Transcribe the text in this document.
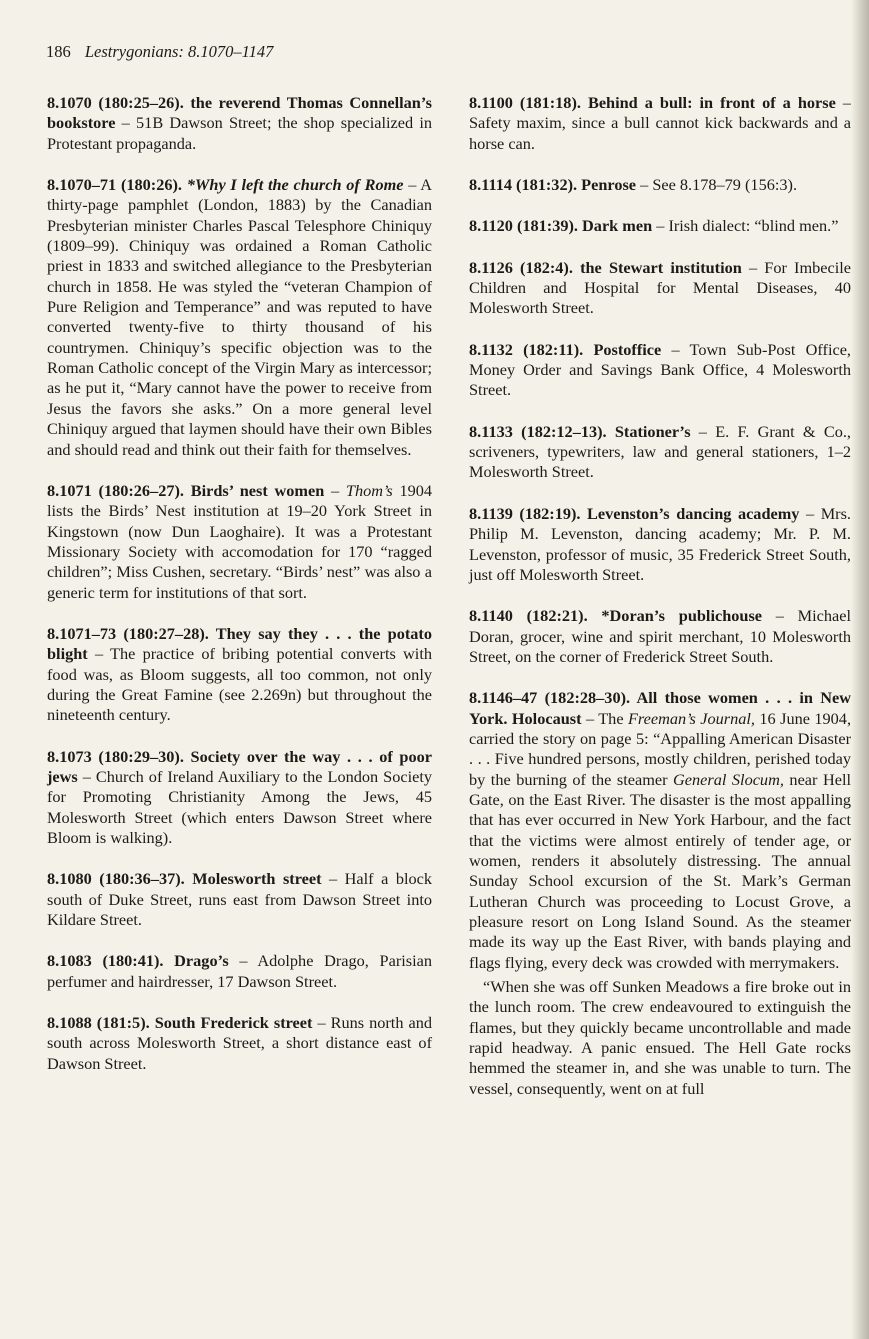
186 Lestrygonians: 8.1070–1147

8.1070 (180:25–26). the reverend Thomas Connellan’s bookstore – 51B Dawson Street; the shop specialized in Protestant propaganda.

8.1070–71 (180:26). *Why I left the church of Rome – A thirty-page pamphlet (London, 1883) by the Canadian Presbyterian minister Charles Pascal Telesphore Chiniquy (1809–99). Chiniquy was ordained a Roman Catholic priest in 1833 and switched allegiance to the Presbyterian church in 1858. He was styled the “veteran Champion of Pure Religion and Temperance” and was reputed to have converted twenty-five to thirty thousand of his countrymen. Chiniquy’s specific objection was to the Roman Catholic concept of the Virgin Mary as intercessor; as he put it, “Mary cannot have the power to receive from Jesus the favors she asks.” On a more general level Chiniquy argued that laymen should have their own Bibles and should read and think out their faith for themselves.

8.1071 (180:26–27). Birds’ nest women – Thom’s 1904 lists the Birds’ Nest institution at 19–20 York Street in Kingstown (now Dun Laoghaire). It was a Protestant Missionary Society with accomodation for 170 “ragged children”; Miss Cushen, secretary. “Birds’ nest” was also a generic term for institutions of that sort.

8.1071–73 (180:27–28). They say they . . . the potato blight – The practice of bribing potential converts with food was, as Bloom suggests, all too common, not only during the Great Famine (see 2.269n) but throughout the nineteenth century.

8.1073 (180:29–30). Society over the way . . . of poor jews – Church of Ireland Auxiliary to the London Society for Promoting Christianity Among the Jews, 45 Molesworth Street (which enters Dawson Street where Bloom is walking).

8.1080 (180:36–37). Molesworth street – Half a block south of Duke Street, runs east from Dawson Street into Kildare Street.

8.1083 (180:41). Drago’s – Adolphe Drago, Parisian perfumer and hairdresser, 17 Dawson Street.

8.1088 (181:5). South Frederick street – Runs north and south across Molesworth Street, a short distance east of Dawson Street.

8.1100 (181:18). Behind a bull: in front of a horse – Safety maxim, since a bull cannot kick backwards and a horse can.

8.1114 (181:32). Penrose – See 8.178–79 (156:3).

8.1120 (181:39). Dark men – Irish dialect: “blind men.”

8.1126 (182:4). the Stewart institution – For Imbecile Children and Hospital for Mental Diseases, 40 Molesworth Street.

8.1132 (182:11). Postoffice – Town Sub-Post Office, Money Order and Savings Bank Office, 4 Molesworth Street.

8.1133 (182:12–13). Stationer’s – E. F. Grant & Co., scriveners, typewriters, law and general stationers, 1–2 Molesworth Street.

8.1139 (182:19). Levenston’s dancing academy – Mrs. Philip M. Levenston, dancing academy; Mr. P. M. Levenston, professor of music, 35 Frederick Street South, just off Molesworth Street.

8.1140 (182:21). *Doran’s publichouse – Michael Doran, grocer, wine and spirit merchant, 10 Molesworth Street, on the corner of Frederick Street South.

8.1146–47 (182:28–30). All those women . . . in New York. Holocaust – The Freeman’s Journal, 16 June 1904, carried the story on page 5: “Appalling American Disaster . . . Five hundred persons, mostly children, perished today by the burning of the steamer General Slocum, near Hell Gate, on the East River. The disaster is the most appalling that has ever occurred in New York Harbour, and the fact that the victims were almost entirely of tender age, or women, renders it absolutely distressing. The annual Sunday School excursion of the St. Mark’s German Lutheran Church was proceeding to Locust Grove, a pleasure resort on Long Island Sound. As the steamer made its way up the East River, with bands playing and flags flying, every deck was crowded with merrymakers.

“When she was off Sunken Meadows a fire broke out in the lunch room. The crew endeavoured to extinguish the flames, but they quickly became uncontrollable and made rapid headway. A panic ensued. The Hell Gate rocks hemmed the steamer in, and she was unable to turn. The vessel, consequently, went on at full
